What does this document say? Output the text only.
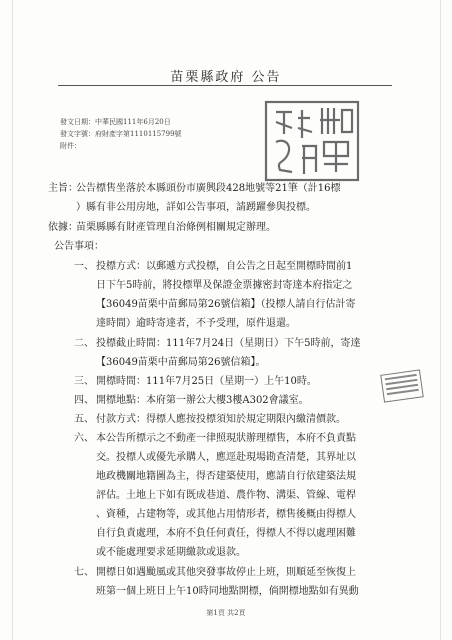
苗栗縣政府 公告
發文日期：中華民國111年6月20日
發文字號：府財產字第1110115799號
附件：
主旨：
公告標售坐落於本縣頭份市廣興段428地號等21筆（計16標
）縣有非公用房地，詳如公告事項，請踴躍參與投標。
依據：
苗栗縣縣有財產管理自治條例相關規定辦理。
公告事項：
一、 投標方式：以郵遞方式投標，自公告之日起至開標時間前1
日下午5時前，將投標單及保證金票據密封寄達本府指定之
【36049苗栗中苗郵局第26號信箱】（投標人請自行估計寄
達時間）逾時寄達者，不予受理，原件退還。
二、 投標截止時間：111年7月24日（星期日）下午5時前，寄達
【36049苗栗中苗郵局第26號信箱】。
三、 開標時間：111年7月25日（星期一）上午10時。
四、 開標地點：本府第一辦公大樓3樓A302會議室。
五、 付款方式：得標人應按投標須知於規定期限內繳清價款。
六、 本公告所標示之不動產一律照現狀辦理標售，本府不負責點
交。投標人或優先承購人，應逕赴現場勘查清楚，其界址以
地政機關地籍圖為主，得否建築使用，應請自行依建築法規
評估。土地上下如有既成巷道、農作物、溝渠、管線、電桿
、資種，占建物等，或其他占用情形者，標售後概由得標人
自行負責處理，本府不負任何責任，得標人不得以處理困難
或不能處理要求延期繳款或退款。
七、 開標日如遇颱風或其他突發事故停止上班，則順延至恢復上
班第一個上班日上午10時同地點開標，倘開標地點如有異動
第1頁 共2頁
